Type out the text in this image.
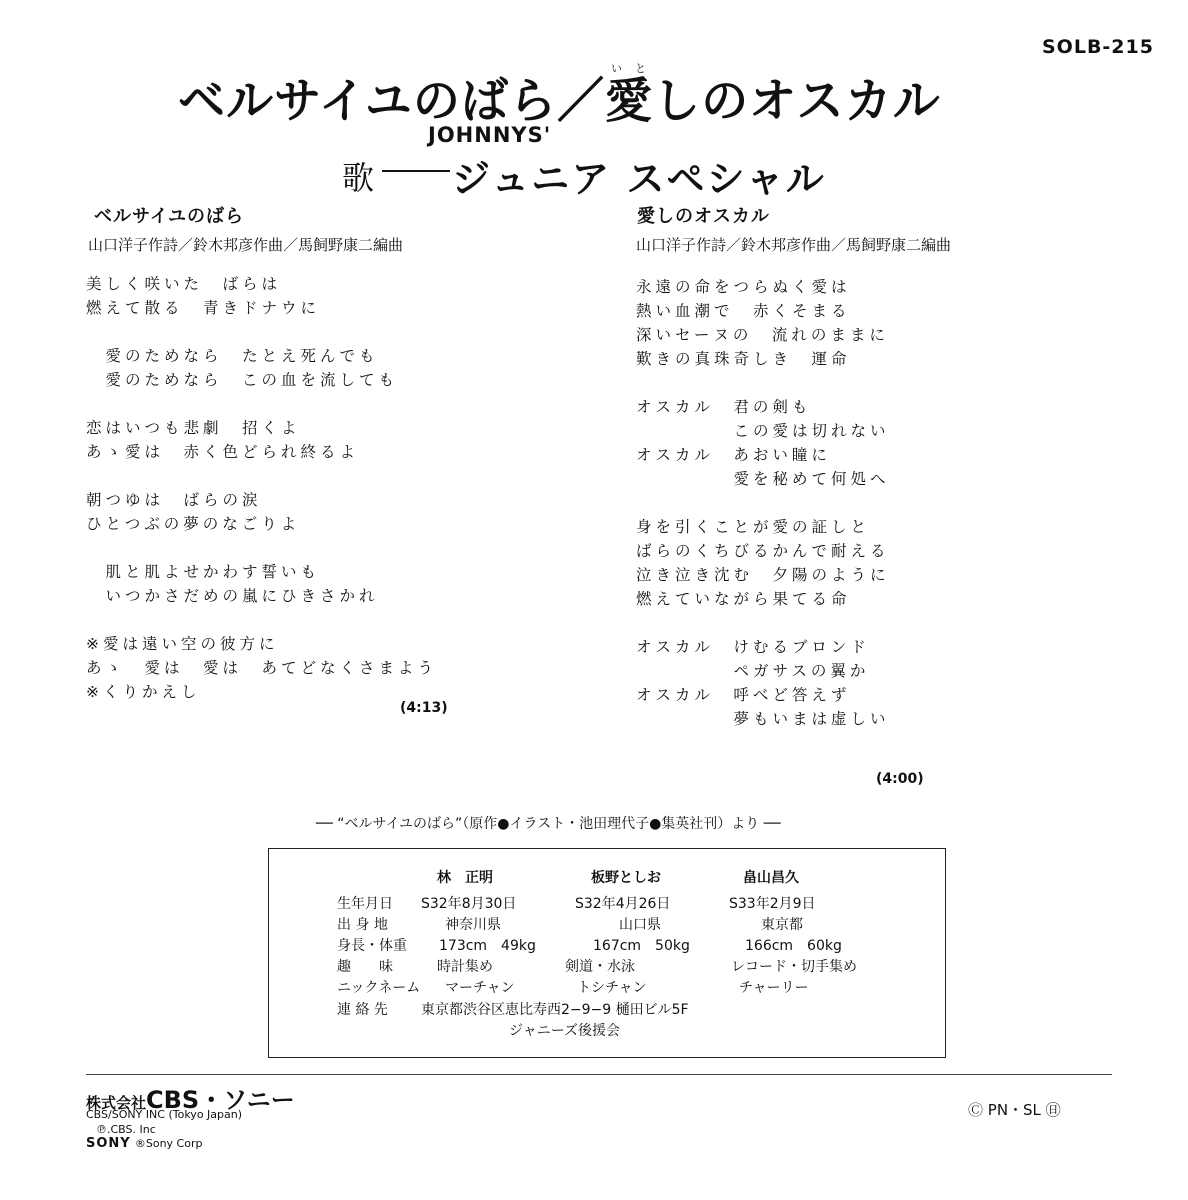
SOLB-215
ベルサイユのばら／愛いとしのオスカル
JOHNNYS'
歌 ジュニア スペシャル
ベルサイユのばら
山口洋子作詩／鈴木邦彦作曲／馬飼野康二編曲
美しく咲いた　ばらは
燃えて散る　青きドナウに

　愛のためなら　たとえ死んでも
　愛のためなら　この血を流しても

恋はいつも悲劇　招くよ
あゝ愛は　赤く色どられ終るよ

朝つゆは　ばらの涙
ひとつぶの夢のなごりよ

　肌と肌よせかわす誓いも
　いつかさだめの嵐にひきさかれ

※愛は遠い空の彼方に
あゝ　愛は　愛は　あてどなくさまよう
※くりかえし
(4:13)
愛しのオスカル
山口洋子作詩／鈴木邦彦作曲／馬飼野康二編曲
永遠の命をつらぬく愛は
熱い血潮で　赤くそまる
深いセーヌの　流れのままに
歎きの真珠奇しき　運命

オスカル　君の剣も
　　　　　この愛は切れない
オスカル　あおい瞳に
　　　　　愛を秘めて何処へ

身を引くことが愛の証しと
ばらのくちびるかんで耐える
泣き泣き沈む　夕陽のように
燃えていながら果てる命

オスカル　けむるブロンド
　　　　　ペガサスの翼か
オスカル　呼べど答えず
　　　　　夢もいまは虚しい
(4:00)
── “ベルサイユのばら”（原作●イラスト・池田理代子●集英社刊）より ──
林　正明	板野としお	畠山昌久
生年月日 S32年8月30日	S32年4月26日	S33年2月9日
出 身 地	神奈川県	山口県	東京都
身長・体重 173cm　49kg	167cm　50kg	166cm　60kg
趣　　味	時計集め	剣道・水泳	レコード・切手集め
ニックネーム マーチャン	トシチャン	チャーリー
連 絡 先 東京都渋谷区恵比寿西2−9−9 樋田ビル5F
ジャニーズ後援会
株式会社CBS・ソニー
CBS/SONY INC (Tokyo Japan)
℗.CBS. Inc
SONY ®Sony Corp
Ⓒ PN・SL ㊐
